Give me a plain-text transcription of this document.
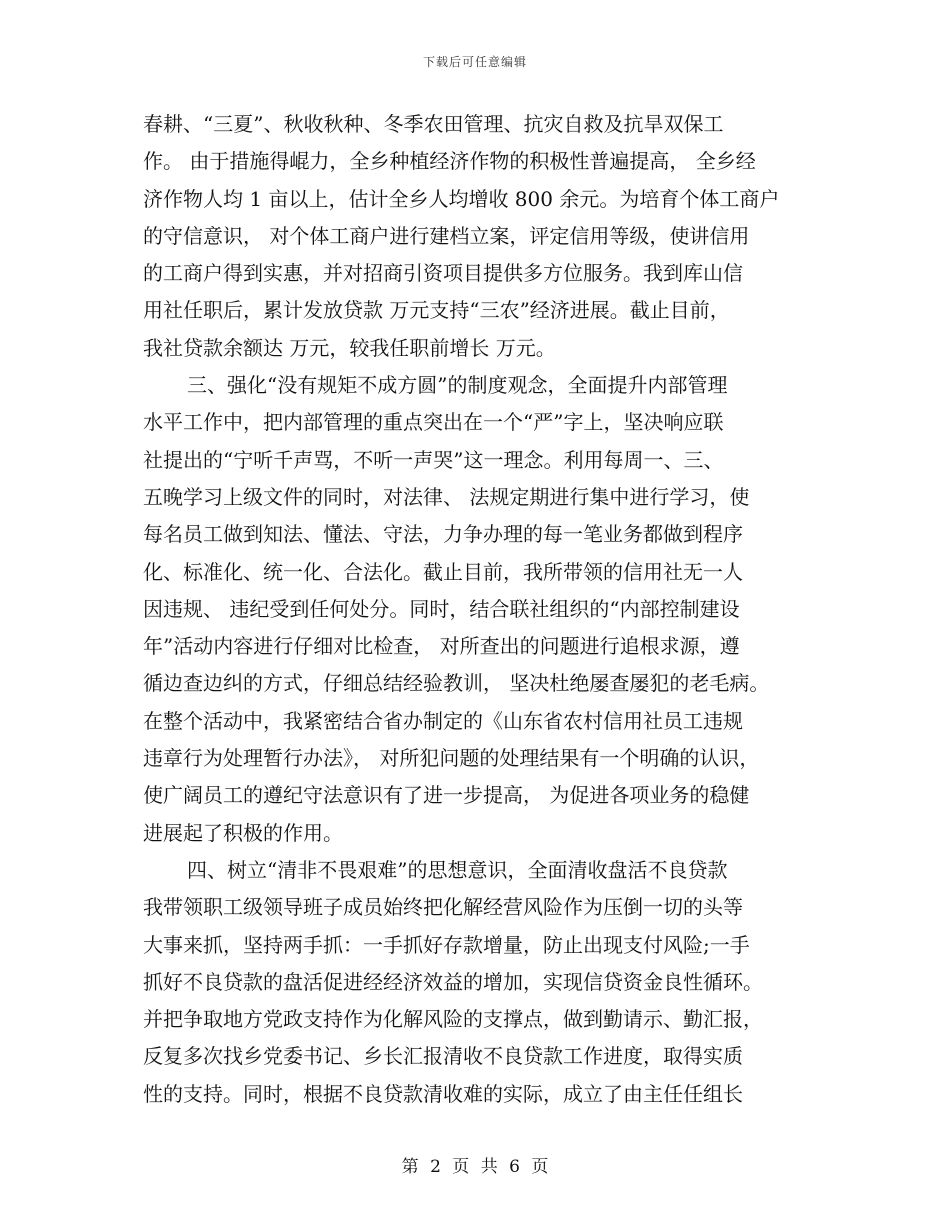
下载后可任意编辑
春耕、“三夏”、秋收秋种、冬季农田管理、抗灾自救及抗旱双保工
作。 由于措施得崐力，全乡种植经济作物的积极性普遍提高， 全乡经
济作物人均 1 亩以上，估计全乡人均增收 800 余元。为培育个体工商户
的守信意识， 对个体工商户进行建档立案，评定信用等级，使讲信用
的工商户得到实惠，并对招商引资项目提供多方位服务。我到库山信
用社任职后，累计发放贷款 万元支持“三农”经济进展。截止目前，
我社贷款余额达 万元，较我任职前增长 万元。
三、强化“没有规矩不成方圆”的制度观念，全面提升内部管理
水平工作中，把内部管理的重点突出在一个“严”字上，坚决响应联
社提出的“宁听千声骂，不听一声哭”这一理念。利用每周一、三、
五晚学习上级文件的同时，对法律、 法规定期进行集中进行学习，使
每名员工做到知法、懂法、守法，力争办理的每一笔业务都做到程序
化、标准化、统一化、合法化。截止目前，我所带领的信用社无一人
因违规、 违纪受到任何处分。同时，结合联社组织的“内部控制建设
年”活动内容进行仔细对比检查， 对所查出的问题进行追根求源，遵
循边查边纠的方式，仔细总结经验教训， 坚决杜绝屡查屡犯的老毛病。
在整个活动中，我紧密结合省办制定的《山东省农村信用社员工违规
违章行为处理暂行办法》， 对所犯问题的处理结果有一个明确的认识，
使广阔员工的遵纪守法意识有了进一步提高， 为促进各项业务的稳健
进展起了积极的作用。
四、树立“清非不畏艰难”的思想意识，全面清收盘活不良贷款
我带领职工级领导班子成员始终把化解经营风险作为压倒一切的头等
大事来抓，坚持两手抓：一手抓好存款增量，防止出现支付风险;一手
抓好不良贷款的盘活促进经经济效益的增加，实现信贷资金良性循环。
并把争取地方党政支持作为化解风险的支撑点，做到勤请示、勤汇报，
反复多次找乡党委书记、乡长汇报清收不良贷款工作进度，取得实质
性的支持。同时，根据不良贷款清收难的实际，成立了由主任任组长
第 2 页 共 6 页
